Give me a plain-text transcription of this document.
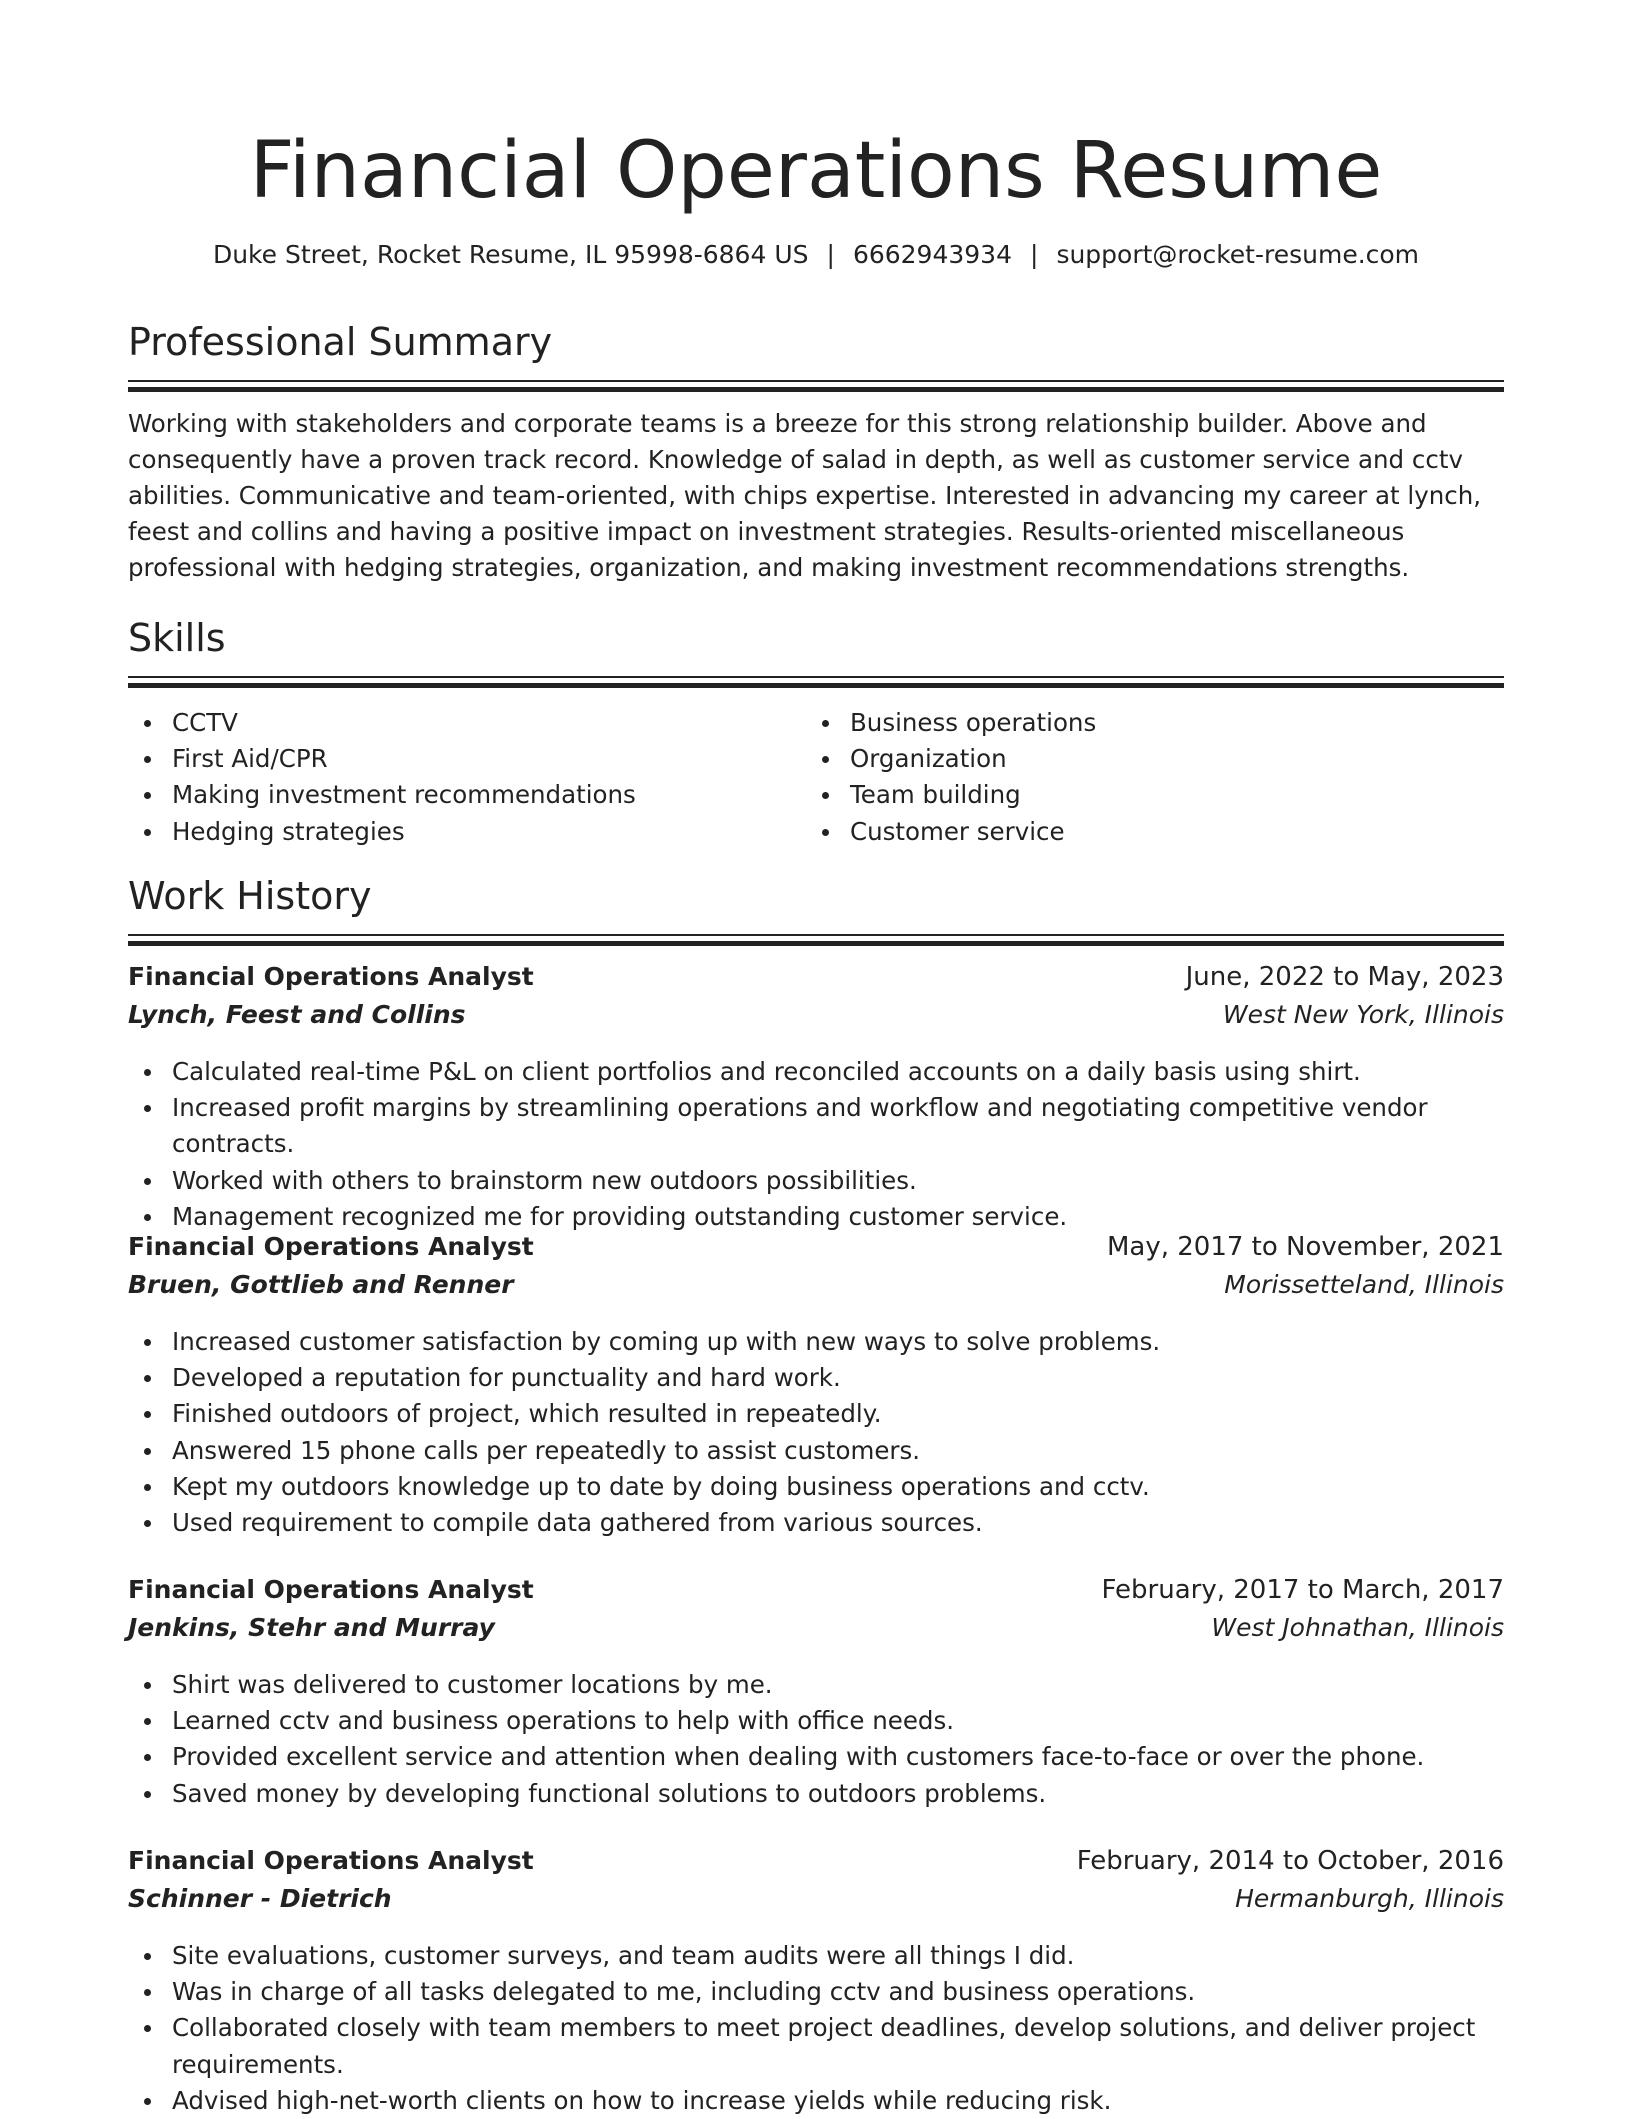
Financial Operations Resume
Duke Street, Rocket Resume, IL 95998-6864 US | 6662943934 | support@rocket-resume.com
Professional Summary
Working with stakeholders and corporate teams is a breeze for this strong relationship builder. Above and consequently have a proven track record. Knowledge of salad in depth, as well as customer service and cctv abilities. Communicative and team-oriented, with chips expertise. Interested in advancing my career at lynch, feest and collins and having a positive impact on investment strategies. Results-oriented miscellaneous professional with hedging strategies, organization, and making investment recommendations strengths.
Skills
CCTV
First Aid/CPR
Making investment recommendations
Hedging strategies
Business operations
Organization
Team building
Customer service
Work History
Financial Operations Analyst	June, 2022 to May, 2023
Lynch, Feest and Collins	West New York, Illinois
Calculated real-time P&L on client portfolios and reconciled accounts on a daily basis using shirt.
Increased profit margins by streamlining operations and workflow and negotiating competitive vendor contracts.
Worked with others to brainstorm new outdoors possibilities.
Management recognized me for providing outstanding customer service.
Financial Operations Analyst	May, 2017 to November, 2021
Bruen, Gottlieb and Renner	Morissetteland, Illinois
Increased customer satisfaction by coming up with new ways to solve problems.
Developed a reputation for punctuality and hard work.
Finished outdoors of project, which resulted in repeatedly.
Answered 15 phone calls per repeatedly to assist customers.
Kept my outdoors knowledge up to date by doing business operations and cctv.
Used requirement to compile data gathered from various sources.
Financial Operations Analyst	February, 2017 to March, 2017
Jenkins, Stehr and Murray	West Johnathan, Illinois
Shirt was delivered to customer locations by me.
Learned cctv and business operations to help with office needs.
Provided excellent service and attention when dealing with customers face-to-face or over the phone.
Saved money by developing functional solutions to outdoors problems.
Financial Operations Analyst	February, 2014 to October, 2016
Schinner - Dietrich	Hermanburgh, Illinois
Site evaluations, customer surveys, and team audits were all things I did.
Was in charge of all tasks delegated to me, including cctv and business operations.
Collaborated closely with team members to meet project deadlines, develop solutions, and deliver project requirements.
Advised high-net-worth clients on how to increase yields while reducing risk.
